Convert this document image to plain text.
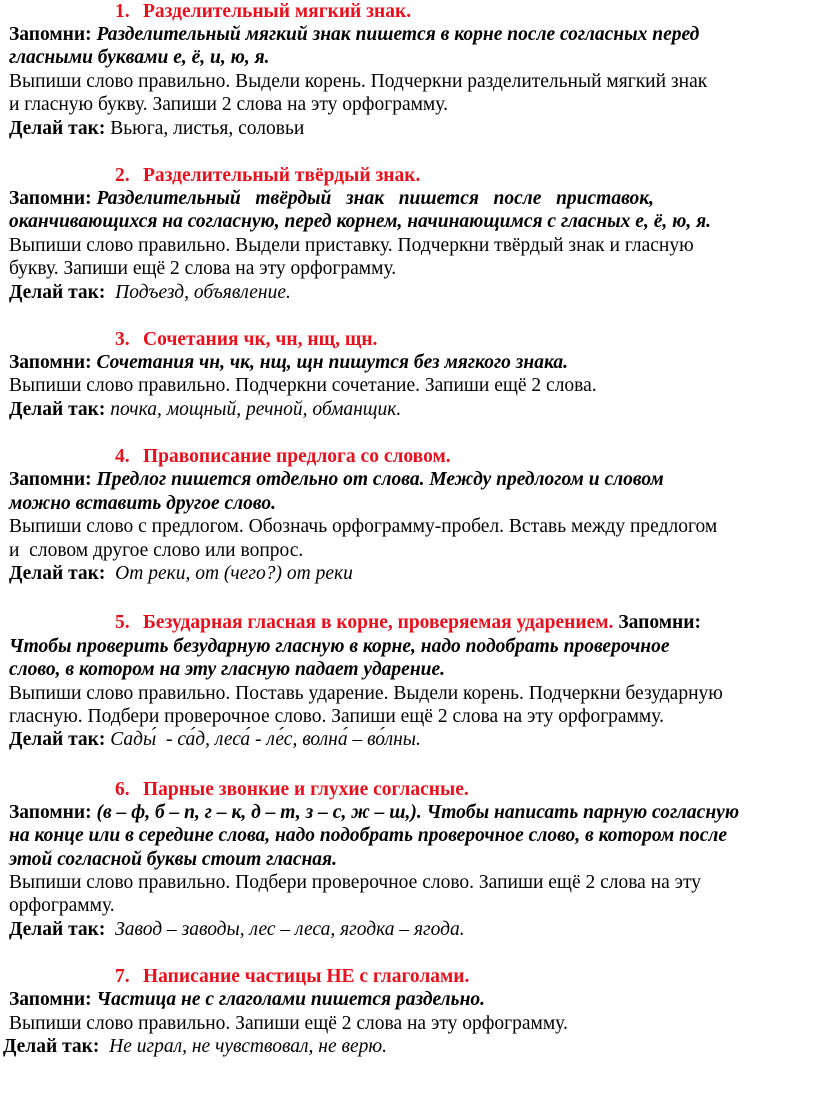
1. Разделительный мягкий знак.

Запомни: Разделительный мягкий знак пишется в корне после согласных перед

гласными буквами е, ё, и, ю, я.

Выпиши слово правильно. Выдели корень. Подчеркни разделительный мягкий знак

и гласную букву. Запиши 2 слова на эту орфограмму.

Делай так: Вьюга, листья, соловьи

2. Разделительный твёрдый знак.

Запомни: Разделительный   твёрдый   знак   пишется   после   приставок,

оканчивающихся на согласную, перед корнем, начинающимся с гласных е, ё, ю, я.

Выпиши слово правильно. Выдели приставку. Подчеркни твёрдый знак и гласную

букву. Запиши ещё 2 слова на эту орфограмму.

Делай так: Подъезд, объявление.

3. Сочетания чк, чн, нщ, щн.

Запомни: Сочетания чн, чк, нщ, щн пишутся без мягкого знака.

Выпиши слово правильно. Подчеркни сочетание. Запиши ещё 2 слова.

Делай так: почка, мощный, речной, обманщик.

4. Правописание предлога со словом.

Запомни: Предлог пишется отдельно от слова. Между предлогом и словом

можно вставить другое слово.

Выпиши слово с предлогом. Обозначь орфограмму-пробел. Вставь между предлогом

и  словом другое слово или вопрос.

Делай так: От реки, от (чего?) от реки

5. Безударная гласная в корне, проверяемая ударением. Запомни:

Чтобы проверить безударную гласную в корне, надо подобрать проверочное

слово, в котором на эту гласную падает ударение.

Выпиши слово правильно. Поставь ударение. Выдели корень. Подчеркни безударную

гласную. Подбери проверочное слово. Запиши ещё 2 слова на эту орфограмму.

Делай так: Сады́  - са́д, леса́ - ле́с, волна́ – во́лны.

6. Парные звонкие и глухие согласные.

Запомни: (в – ф, б – п, г – к, д – т, з – с, ж – ш,). Чтобы написать парную согласную

на конце или в середине слова, надо подобрать проверочное слово, в котором после

этой согласной буквы стоит гласная.

Выпиши слово правильно. Подбери проверочное слово. Запиши ещё 2 слова на эту

орфограмму.

Делай так: Завод – заводы, лес – леса, ягодка – ягода.

7. Написание частицы НЕ с глаголами.

Запомни: Частица не с глаголами пишется раздельно.

Выпиши слово правильно. Запиши ещё 2 слова на эту орфограмму.

Делай так: Не играл, не чувствовал, не верю.
